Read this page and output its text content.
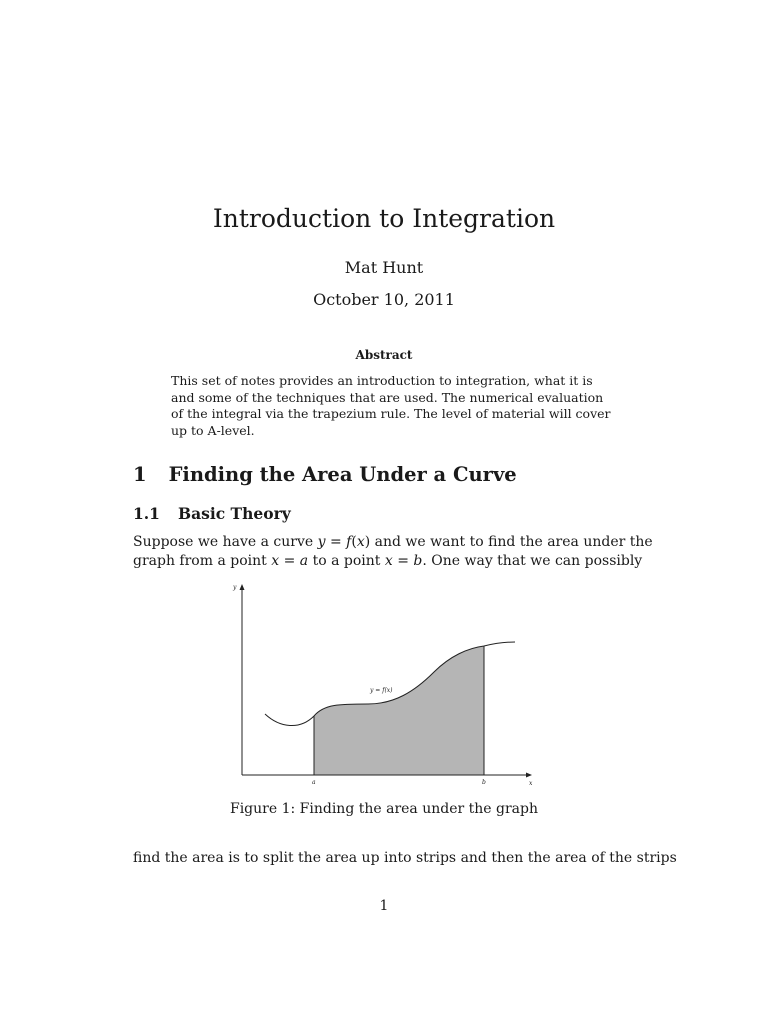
Introduction to Integration
Mat Hunt
October 10, 2011
Abstract
This set of notes provides an introduction to integration, what it is
and some of the techniques that are used. The numerical evaluation
of the integral via the trapezium rule. The level of material will cover
up to A-level.
1 Finding the Area Under a Curve
1.1 Basic Theory
Suppose we have a curve y = f(x) and we want to find the area under the
graph from a point x = a to a point x = b. One way that we can possibly
y
x
y = f(x)
a	b
Figure 1: Finding the area under the graph
find the area is to split the area up into strips and then the area of the strips
1
